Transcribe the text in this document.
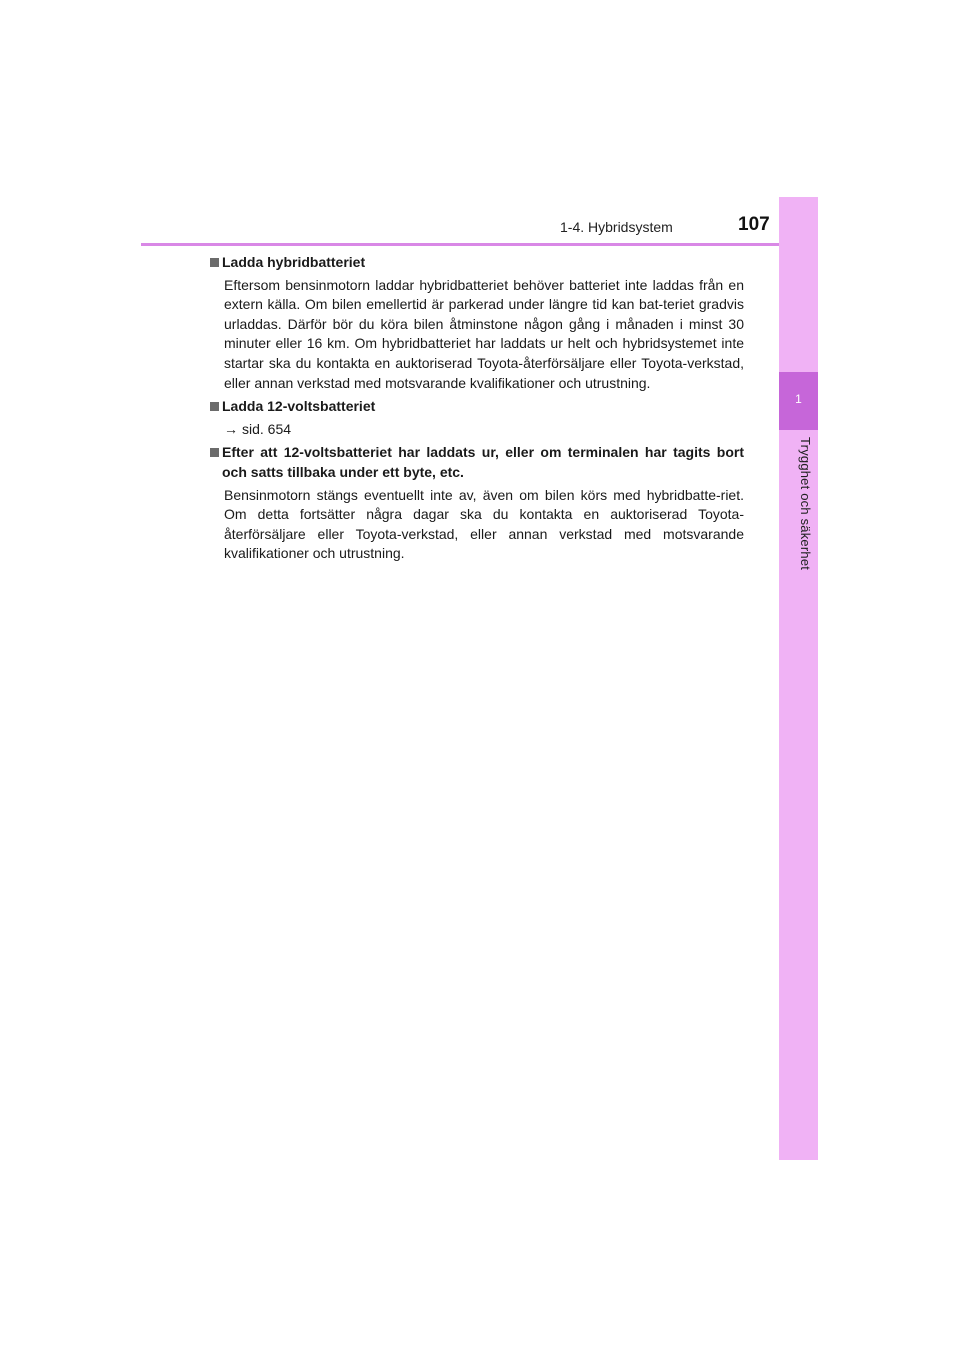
1-4. Hybridsystem	107
1
Trygghet och säkerhet
Ladda hybridbatteriet
Eftersom bensinmotorn laddar hybridbatteriet behöver batteriet inte laddas från en extern källa. Om bilen emellertid är parkerad under längre tid kan bat-teriet gradvis urladdas. Därför bör du köra bilen åtminstone någon gång i månaden i minst 30 minuter eller 16 km. Om hybridbatteriet har laddats ur helt och hybridsystemet inte startar ska du kontakta en auktoriserad Toyota-återförsäljare eller Toyota-verkstad, eller annan verkstad med motsvarande kvalifikationer och utrustning.
Ladda 12-voltsbatteriet
→ sid. 654
Efter att 12-voltsbatteriet har laddats ur, eller om terminalen har tagits bort och satts tillbaka under ett byte, etc.
Bensinmotorn stängs eventuellt inte av, även om bilen körs med hybridbatte-riet. Om detta fortsätter några dagar ska du kontakta en auktoriserad Toyota-återförsäljare eller Toyota-verkstad, eller annan verkstad med motsvarande kvalifikationer och utrustning.
